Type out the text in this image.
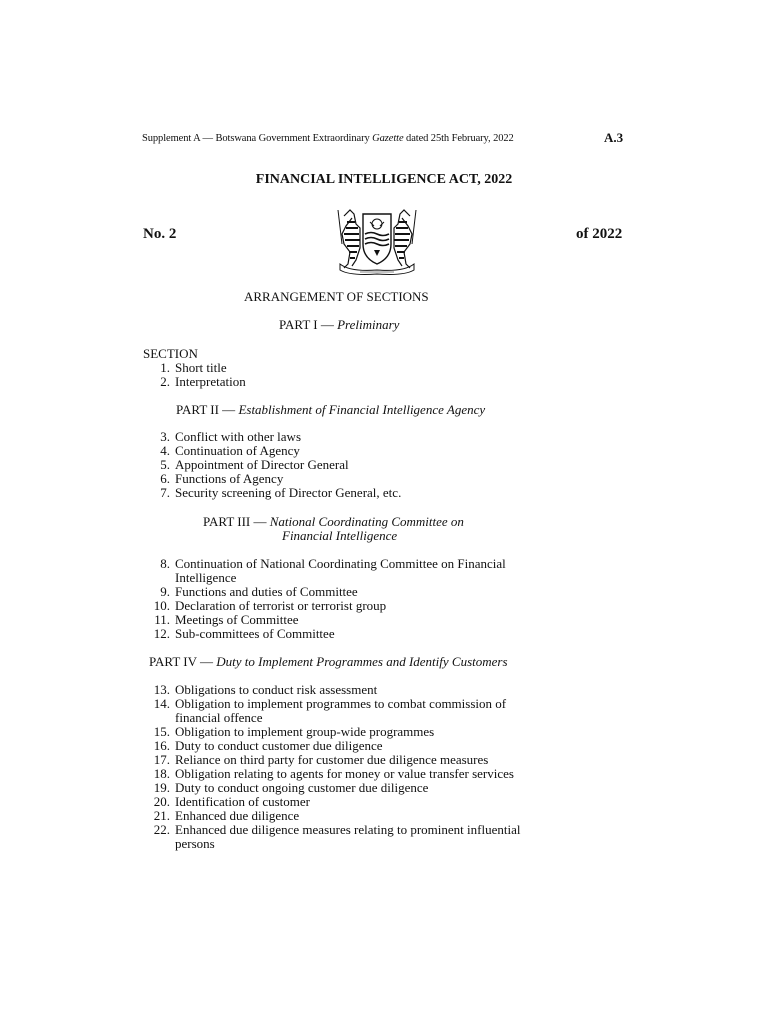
Supplement A — Botswana Government Extraordinary Gazette dated 25th February, 2022	A.3
FINANCIAL INTELLIGENCE ACT, 2022
No. 2	of 2022
ARRANGEMENT OF SECTIONS
PART I — Preliminary
SECTION
1. Short title
2. Interpretation
PART II — Establishment of Financial Intelligence Agency
3. Conflict with other laws
4. Continuation of Agency
5. Appointment of Director General
6. Functions of Agency
7. Security screening of Director General, etc.
PART III — National Coordinating Committee on
Financial Intelligence
8. Continuation of National Coordinating Committee on Financial Intelligence
9. Functions and duties of Committee
10. Declaration of terrorist or terrorist group
11. Meetings of Committee
12. Sub-committees of Committee
PART IV — Duty to Implement Programmes and Identify Customers
13. Obligations to conduct risk assessment
14. Obligation to implement programmes to combat commission of financial offence
15. Obligation to implement group-wide programmes
16. Duty to conduct customer due diligence
17. Reliance on third party for customer due diligence measures
18. Obligation relating to agents for money or value transfer services
19. Duty to conduct ongoing customer due diligence
20. Identification of customer
21. Enhanced due diligence
22. Enhanced due diligence measures relating to prominent influential persons
